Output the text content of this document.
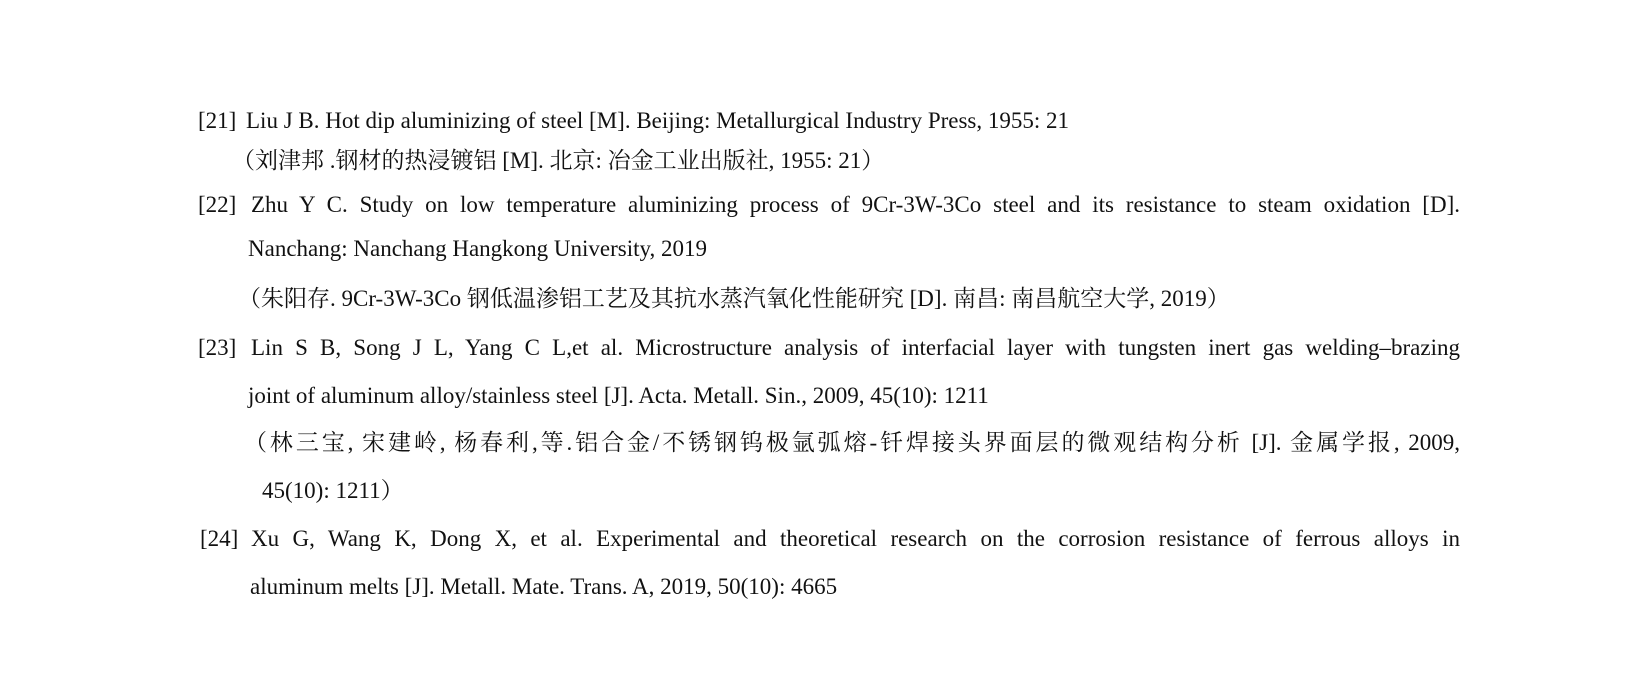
[21] Liu J B. Hot dip aluminizing of steel [M]. Beijing: Metallurgical Industry Press, 1955: 21
（刘津邦 .钢材的热浸镀铝 [M]. 北京: 冶金工业出版社, 1955: 21）
[22] Zhu Y C. Study on low temperature aluminizing process of 9Cr-3W-3Co steel and its resistance to steam oxidation [D].
Nanchang: Nanchang Hangkong University, 2019
（朱阳存. 9Cr-3W-3Co 钢低温渗铝工艺及其抗水蒸汽氧化性能研究 [D]. 南昌: 南昌航空大学, 2019）
[23] Lin S B, Song J L, Yang C L,et al. Microstructure analysis of interfacial layer with tungsten inert gas welding–brazing
joint of aluminum alloy/stainless steel [J]. Acta. Metall. Sin., 2009, 45(10): 1211
（林三宝, 宋建岭, 杨春利,等.铝合金/不锈钢钨极氩弧熔-钎焊接头界面层的微观结构分析 [J]. 金属学报, 2009,
45(10): 1211）
[24] Xu G, Wang K, Dong X, et al. Experimental and theoretical research on the corrosion resistance of ferrous alloys in
aluminum melts [J]. Metall. Mate. Trans. A, 2019, 50(10): 4665
